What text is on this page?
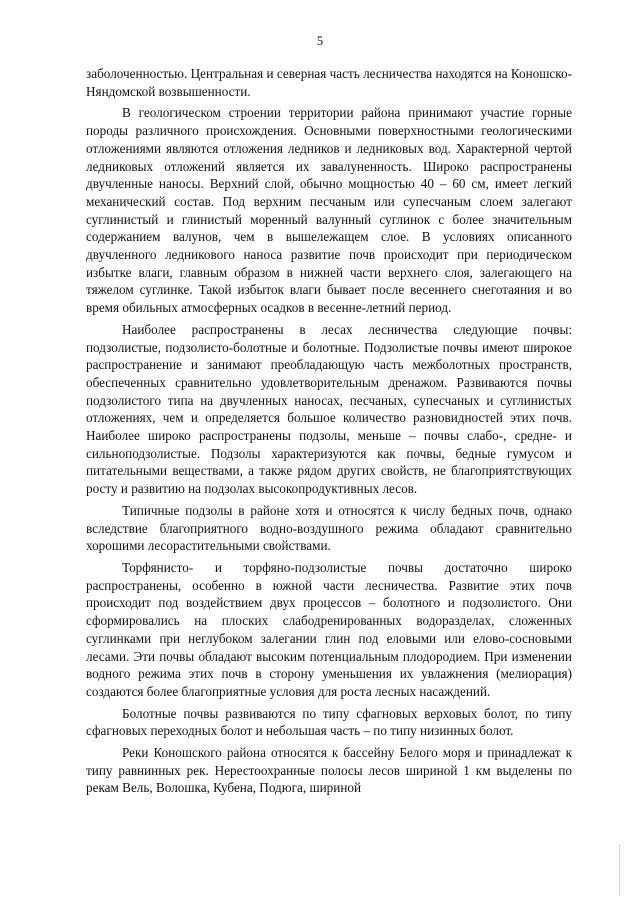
5

заболоченностью. Центральная и северная часть лесничества находятся на Коношско-Няндомской возвышенности.

В геологическом строении территории района принимают участие горные породы различного происхождения. Основными поверхностными геологическими отложениями являются отложения ледников и ледниковых вод. Характерной чертой ледниковых отложений является их завалуненность. Широко распространены двучленные наносы. Верхний слой, обычно мощностью 40 – 60 см, имеет легкий механический состав. Под верхним песчаным или супесчаным слоем залегают суглинистый и глинистый моренный валунный суглинок с более значительным содержанием валунов, чем в вышележащем слое. В условиях описанного двучленного ледникового наноса развитие почв происходит при периодическом избытке влаги, главным образом в нижней части верхнего слоя, залегающего на тяжелом суглинке. Такой избыток влаги бывает после весеннего снеготаяния и во время обильных атмосферных осадков в весенне-летний период.

Наиболее распространены в лесах лесничества следующие почвы: подзолистые, подзолисто-болотные и болотные. Подзолистые почвы имеют широкое распространение и занимают преобладающую часть межболотных пространств, обеспеченных сравнительно удовлетворительным дренажом. Развиваются почвы подзолистого типа на двучленных наносах, песчаных, супесчаных и суглинистых отложениях, чем и определяется большое количество разновидностей этих почв. Наиболее широко распространены подзолы, меньше – почвы слабо-, средне- и сильноподзолистые. Подзолы характеризуются как почвы, бедные гумусом и питательными веществами, а также рядом других свойств, не благоприятствующих росту и развитию на подзолах высокопродуктивных лесов.

Типичные подзолы в районе хотя и относятся к числу бедных почв, однако вследствие благоприятного водно-воздушного режима обладают сравнительно хорошими лесорастительными свойствами.

Торфянисто- и торфяно-подзолистые почвы достаточно широко распространены, особенно в южной части лесничества. Развитие этих почв происходит под воздействием двух процессов – болотного и подзолистого. Они сформировались на плоских слабодренированных водоразделах, сложенных суглинками при неглубоком залегании глин под еловыми или елово-сосновыми лесами. Эти почвы обладают высоким потенциальным плодородием. При изменении водного режима этих почв в сторону уменьшения их увлажнения (мелиорация) создаются более благоприятные условия для роста лесных насаждений.

Болотные почвы развиваются по типу сфагновых верховых болот, по типу сфагновых переходных болот и небольшая часть – по типу низинных болот.

Реки Коношского района относятся к бассейну Белого моря и принадлежат к типу равнинных рек. Нерестоохранные полосы лесов шириной 1 км выделены по рекам Вель, Волошка, Кубена, Подюга, шириной
